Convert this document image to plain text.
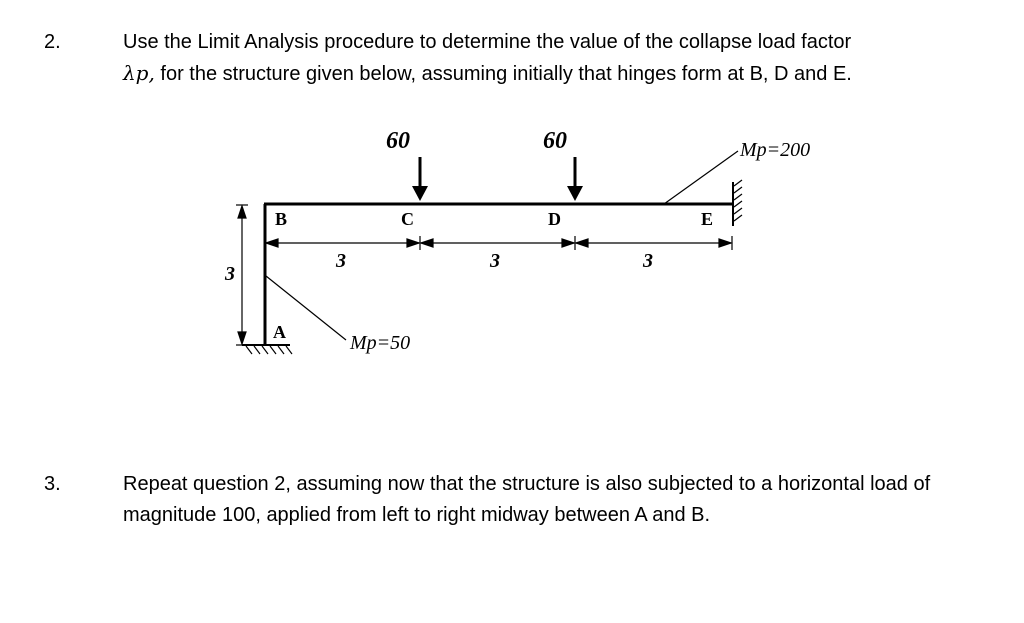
2.	Use the Limit Analysis procedure to determine the value of the collapse load factor
λp, for the structure given below, assuming initially that hinges form at B, D and E.
60	60	Mp=200
Mp=50
B	C	D	E
A
3	3	3
3
3.	Repeat question 2, assuming now that the structure is also subjected to a horizontal load of magnitude 100, applied from left to right midway between A and B.
